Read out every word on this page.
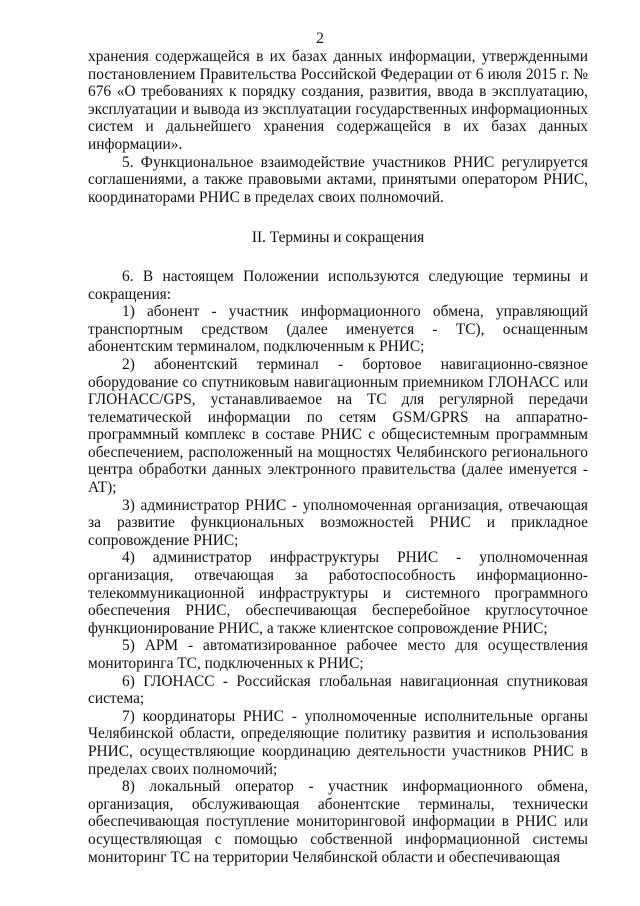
2

хранения содержащейся в их базах данных информации, утвержденными постановлением Правительства Российской Федерации от 6 июля 2015 г. № 676 «О требованиях к порядку создания, развития, ввода в эксплуатацию, эксплуатации и вывода из эксплуатации государственных информационных систем и дальнейшего хранения содержащейся в их базах данных информации».

5. Функциональное взаимодействие участников РНИС регулируется соглашениями, а также правовыми актами, принятыми оператором РНИС, координаторами РНИС в пределах своих полномочий.

II. Термины и сокращения

6. В настоящем Положении используются следующие термины и сокращения:

1) абонент - участник информационного обмена, управляющий транспортным средством (далее именуется - ТС), оснащенным абонентским терминалом, подключенным к РНИС;

2) абонентский терминал - бортовое навигационно-связное оборудование со спутниковым навигационным приемником ГЛОНАСС или ГЛОНАСС/GPS, устанавливаемое на ТС для регулярной передачи телематической информации по сетям GSM/GPRS на аппаратно-программный комплекс в составе РНИС с общесистемным программным обеспечением, расположенный на мощностях Челябинского регионального центра обработки данных электронного правительства (далее именуется - АТ);

3) администратор РНИС - уполномоченная организация, отвечающая за развитие функциональных возможностей РНИС и прикладное сопровождение РНИС;

4) администратор инфраструктуры РНИС - уполномоченная организация, отвечающая за работоспособность информационно-телекоммуникационной инфраструктуры и системного программного обеспечения РНИС, обеспечивающая бесперебойное круглосуточное функционирование РНИС, а также клиентское сопровождение РНИС;

5) АРМ - автоматизированное рабочее место для осуществления мониторинга ТС, подключенных к РНИС;

6) ГЛОНАСС - Российская глобальная навигационная спутниковая система;

7) координаторы РНИС - уполномоченные исполнительные органы Челябинской области, определяющие политику развития и использования РНИС, осуществляющие координацию деятельности участников РНИС в пределах своих полномочий;

8) локальный оператор - участник информационного обмена, организация, обслуживающая абонентские терминалы, технически обеспечивающая поступление мониторинговой информации в РНИС или осуществляющая с помощью собственной информационной системы мониторинг ТС на территории Челябинской области и обеспечивающая
